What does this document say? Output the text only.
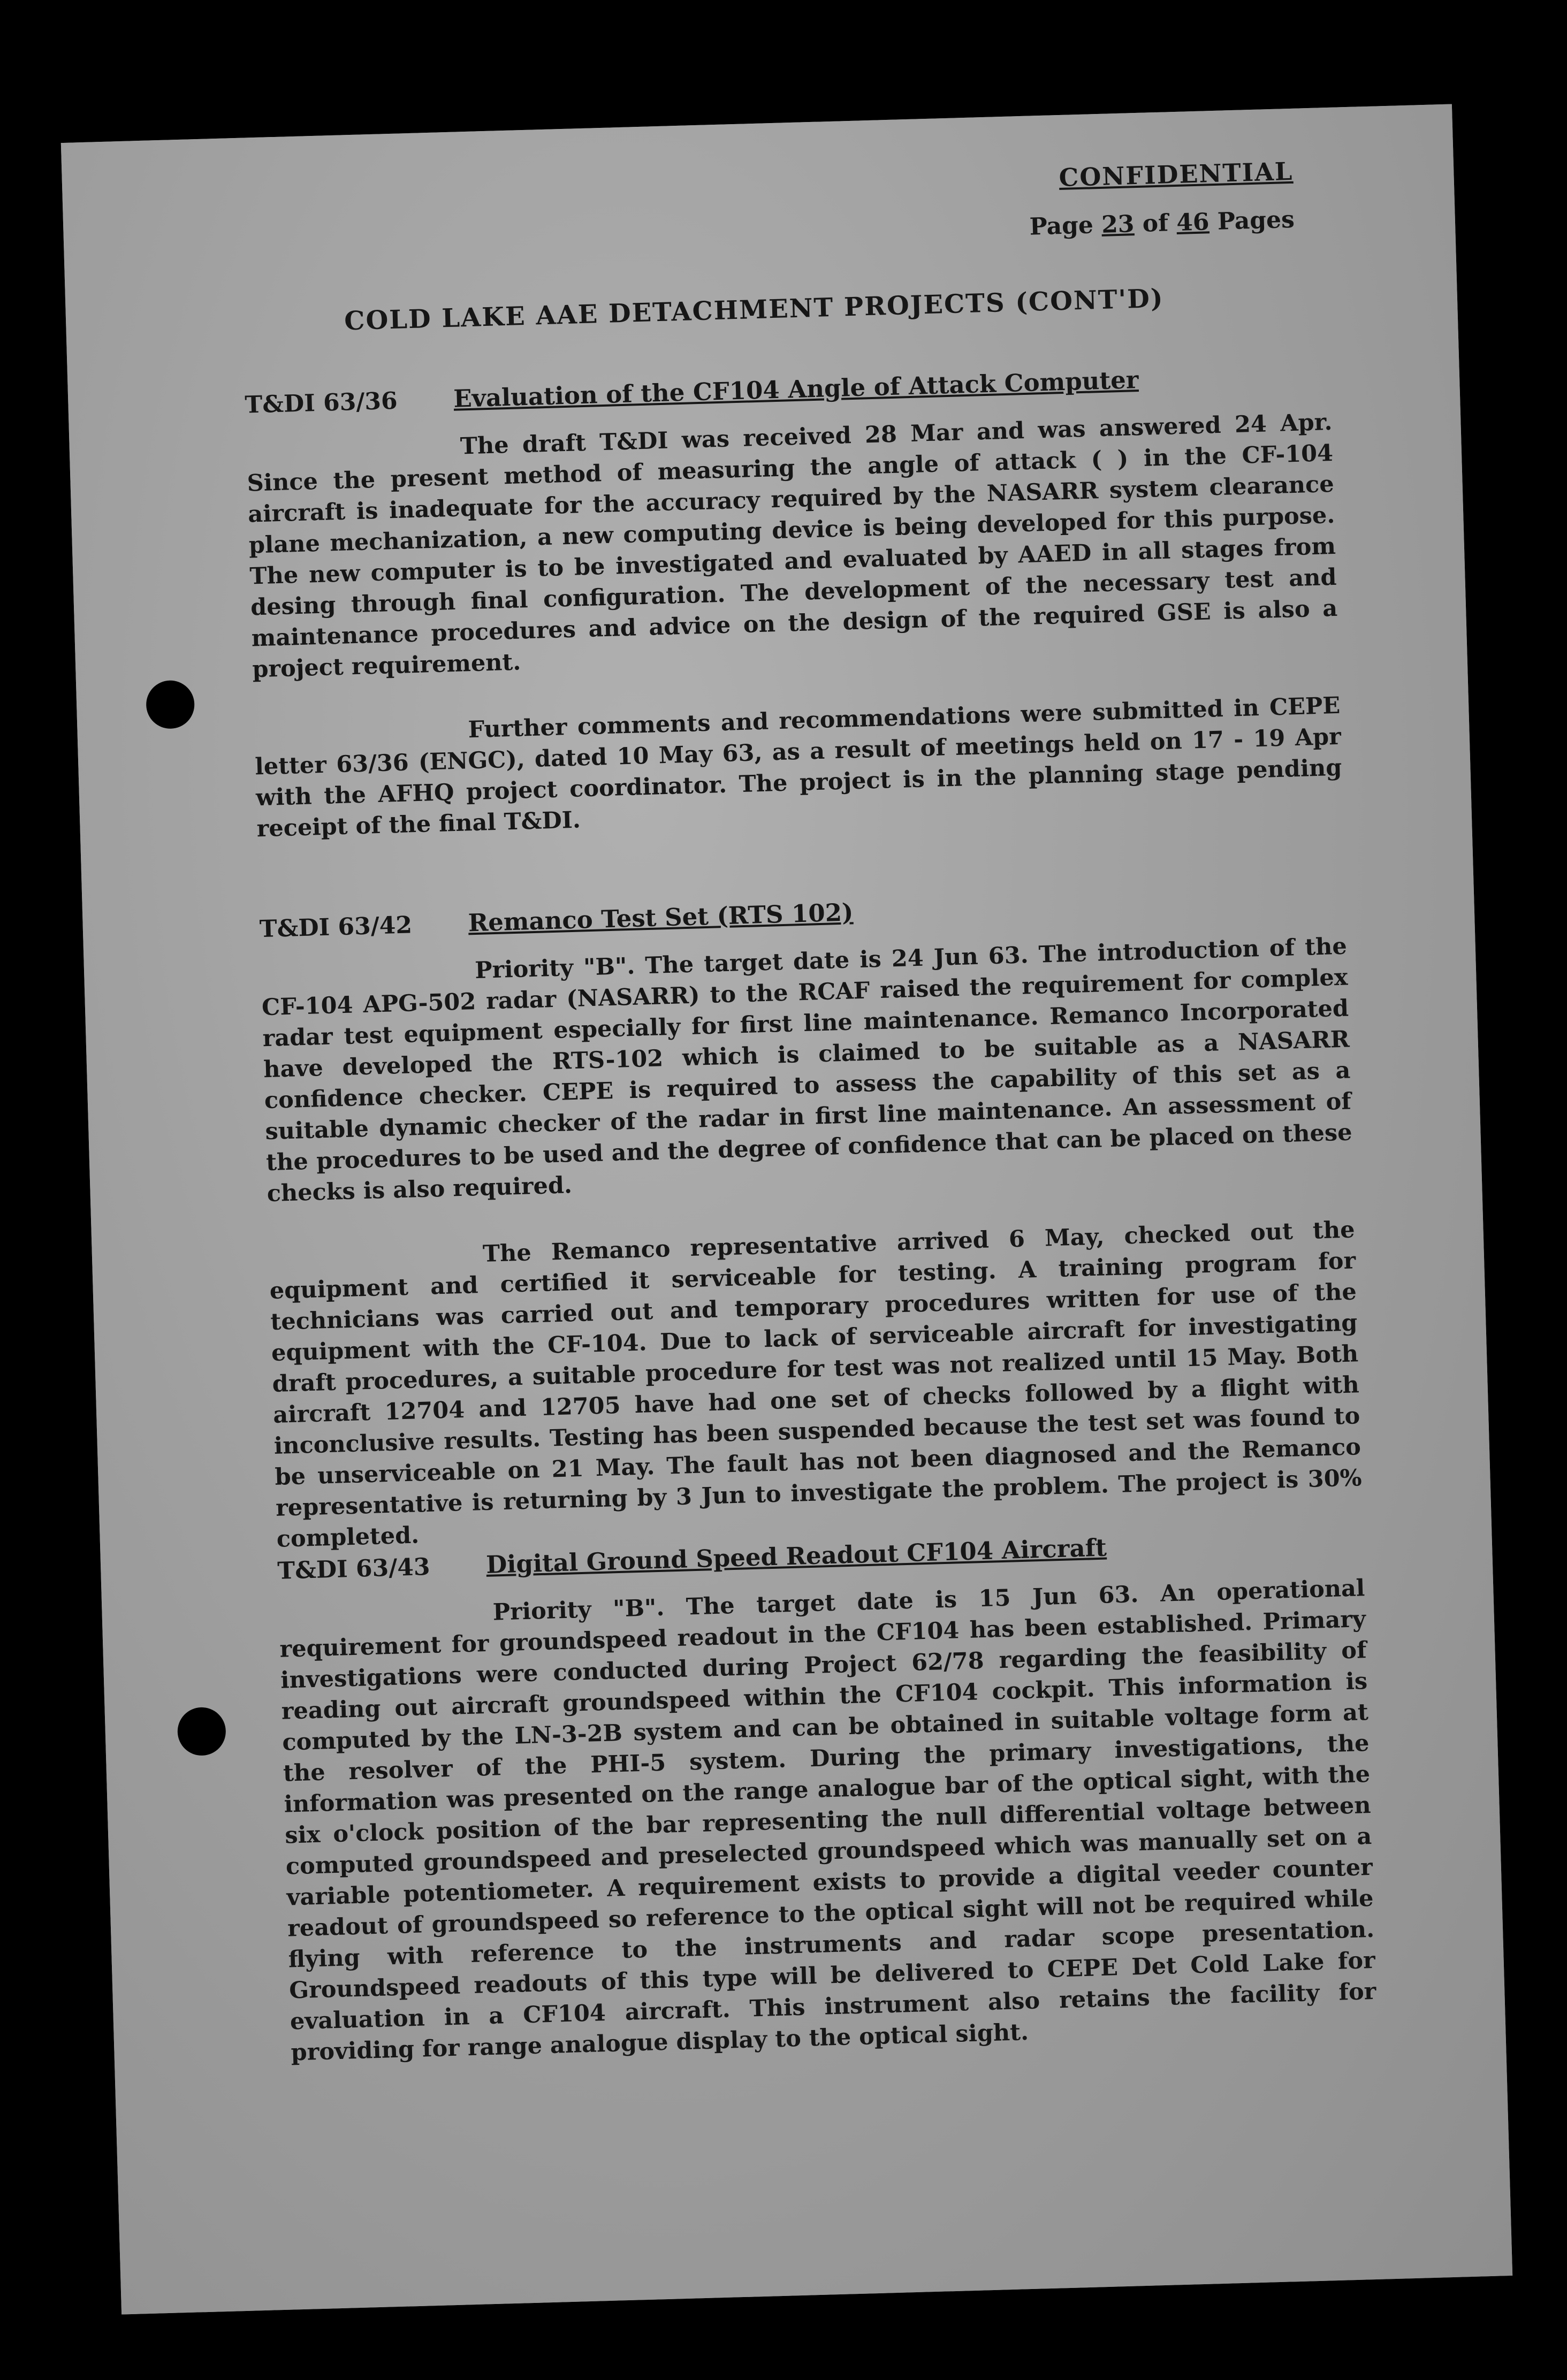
CONFIDENTIAL
Page 23 of 46 Pages
COLD LAKE AAE DETACHMENT PROJECTS (CONT'D)
T&DI 63/36	Evaluation of the CF104 Angle of Attack Computer

The draft T&DI was received 28 Mar and was answered 24 Apr. Since the present method of measuring the angle of attack ( ) in the CF-104 aircraft is inadequate for the accuracy required by the NASARR system clearance plane mechanization, a new computing device is being developed for this purpose. The new computer is to be investigated and evaluated by AAED in all stages from desing through final configuration. The development of the necessary test and maintenance procedures and advice on the design of the required GSE is also a project requirement.

Further comments and recommendations were submitted in CEPE letter 63/36 (ENGC), dated 10 May 63, as a result of meetings held on 17 - 19 Apr with the AFHQ project coordinator. The project is in the planning stage pending receipt of the final T&DI.

T&DI 63/42	Remanco Test Set (RTS 102)

Priority "B". The target date is 24 Jun 63. The introduction of the CF-104 APG-502 radar (NASARR) to the RCAF raised the requirement for complex radar test equipment especially for first line maintenance. Remanco Incorporated have developed the RTS-102 which is claimed to be suitable as a NASARR confidence checker. CEPE is required to assess the capability of this set as a suitable dynamic checker of the radar in first line maintenance. An assessment of the procedures to be used and the degree of confidence that can be placed on these checks is also required.

The Remanco representative arrived 6 May, checked out the equipment and certified it serviceable for testing. A training program for technicians was carried out and temporary procedures written for use of the equipment with the CF-104. Due to lack of serviceable aircraft for investigating draft procedures, a suitable procedure for test was not realized until 15 May. Both aircraft 12704 and 12705 have had one set of checks followed by a flight with inconclusive results. Testing has been suspended because the test set was found to be unserviceable on 21 May. The fault has not been diagnosed and the Remanco representative is returning by 3 Jun to investigate the problem. The project is 30% completed.

T&DI 63/43	Digital Ground Speed Readout CF104 Aircraft

Priority "B". The target date is 15 Jun 63. An operational requirement for groundspeed readout in the CF104 has been established. Primary investigations were conducted during Project 62/78 regarding the feasibility of reading out aircraft groundspeed within the CF104 cockpit. This information is computed by the LN-3-2B system and can be obtained in suitable voltage form at the resolver of the PHI-5 system. During the primary investigations, the information was presented on the range analogue bar of the optical sight, with the six o'clock position of the bar representing the null differential voltage between computed groundspeed and preselected groundspeed which was manually set on a variable potentiometer. A requirement exists to provide a digital veeder counter readout of groundspeed so reference to the optical sight will not be required while flying with reference to the instruments and radar scope presentation. Groundspeed readouts of this type will be delivered to CEPE Det Cold Lake for evaluation in a CF104 aircraft. This instrument also retains the facility for providing for range analogue display to the optical sight.
